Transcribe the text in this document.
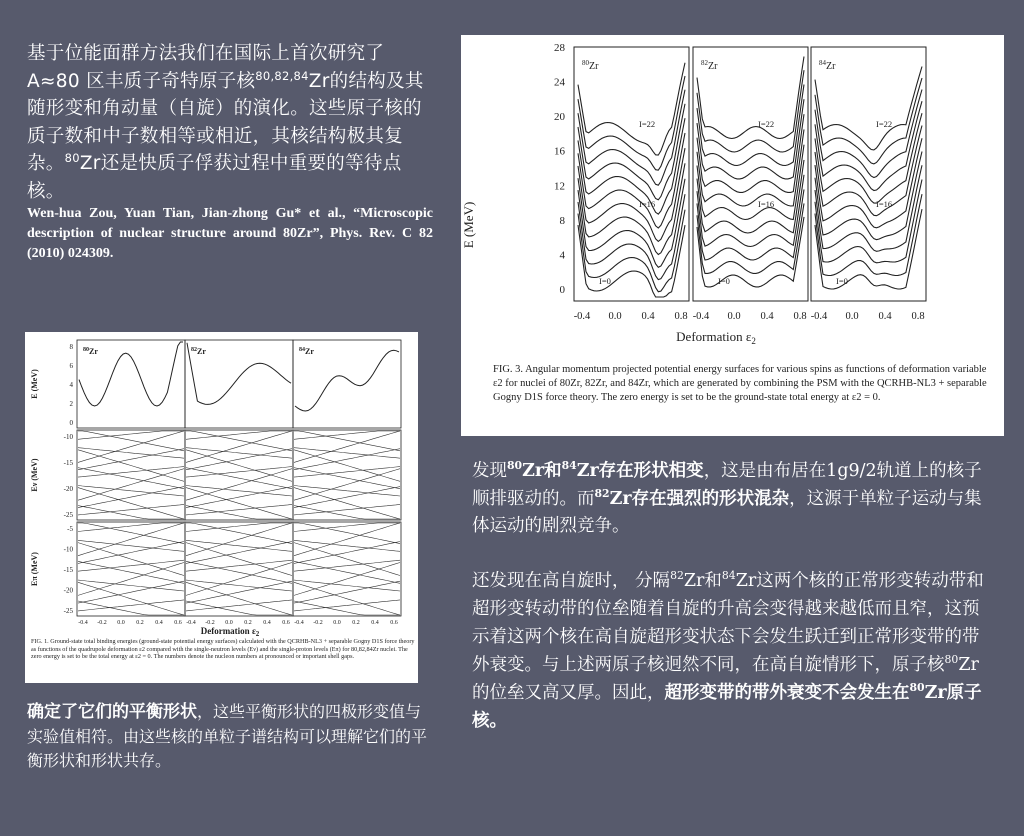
基于位能面群方法我们在国际上首次研究了A≈80 区丰质子奇特原子核$^{80,82,84}$Zr的结构及其随形变和角动量（自旋）的演化。这些原子核的质子数和中子数相等或相近，其核结构极其复杂。$^{80}$Zr还是快质子俘获过程中重要的等待点核。
Wen-hua Zou, Yuan Tian, Jian-zhong Gu* et al., “Microscopic description of nuclear structure around 80Zr”, Phys. Rev. C 82 (2010) 024309.
28
24
20
16
12
8
4
0
E (MeV)
Deformation $\varepsilon_2$
$^{80}$Zr
-0.4 0.0 0.4 0.8
I=22
I=16
I=0
$^{82}$Zr
-0.4 0.0 0.4 0.8
I=22
I=16
I=0
$^{84}$Zr
-0.4 0.0 0.4 0.8
I=22
I=16
I=0
FIG. 3. Angular momentum projected potential energy surfaces for various spins as functions of deformation variable ε2 for nuclei of 80Zr, 82Zr, and 84Zr, which are generated by combining the PSM with the QCRHB-NL3 + separable Gogny D1S force theory. The zero energy is set to be the ground-state total energy at ε2 = 0.
E (MeV)
8
6
4
2
0
$^{80}$Zr	$^{82}$Zr	$^{84}$Zr
Eν (MeV)
-10
-15
-20
-25
Eπ (MeV)
-5
-10
-15
-20
-25
-0.4 -0.2 0.0 0.2 0.4 0.6 -0.4 -0.2 0.0 0.2 0.4 0.6 -0.4 -0.2 0.0 0.2 0.4 0.6
Deformation $\varepsilon_2$
FIG. 1. Ground-state total binding energies (ground-state potential energy surfaces) calculated with the QCRHB-NL3 + separable Gogny D1S force theory as functions of the quadrupole deformation ε2 compared with the single-neutron levels (Eν) and the single-proton levels (Eπ) for 80,82,84Zr nuclei. The zero energy is set to be the total energy at ε2 = 0. The numbers denote the nucleon numbers at pronounced or important shell gaps.
发现$^{80}$Zr和$^{84}$Zr存在形状相变，这是由布居在1g9/2轨道上的核子顺排驱动的。而$^{82}$Zr存在强烈的形状混杂，这源于单粒子运动与集体运动的剧烈竞争。
还发现在高自旋时， 分隔$^{82}$Zr和$^{84}$Zr这两个核的正常形变转动带和超形变转动带的位垒随着自旋的升高会变得越来越低而且窄，这预示着这两个核在高自旋超形变状态下会发生跃迁到正常形变带的带外衰变。与上述两原子核迥然不同，在高自旋情形下，原子核$^{80}$Zr的位垒又高又厚。因此，超形变带的带外衰变不会发生在$^{80}$Zr原子核。
确定了它们的平衡形状，这些平衡形状的四极形变值与实验值相符。由这些核的单粒子谱结构可以理解它们的平衡形状和形状共存。
